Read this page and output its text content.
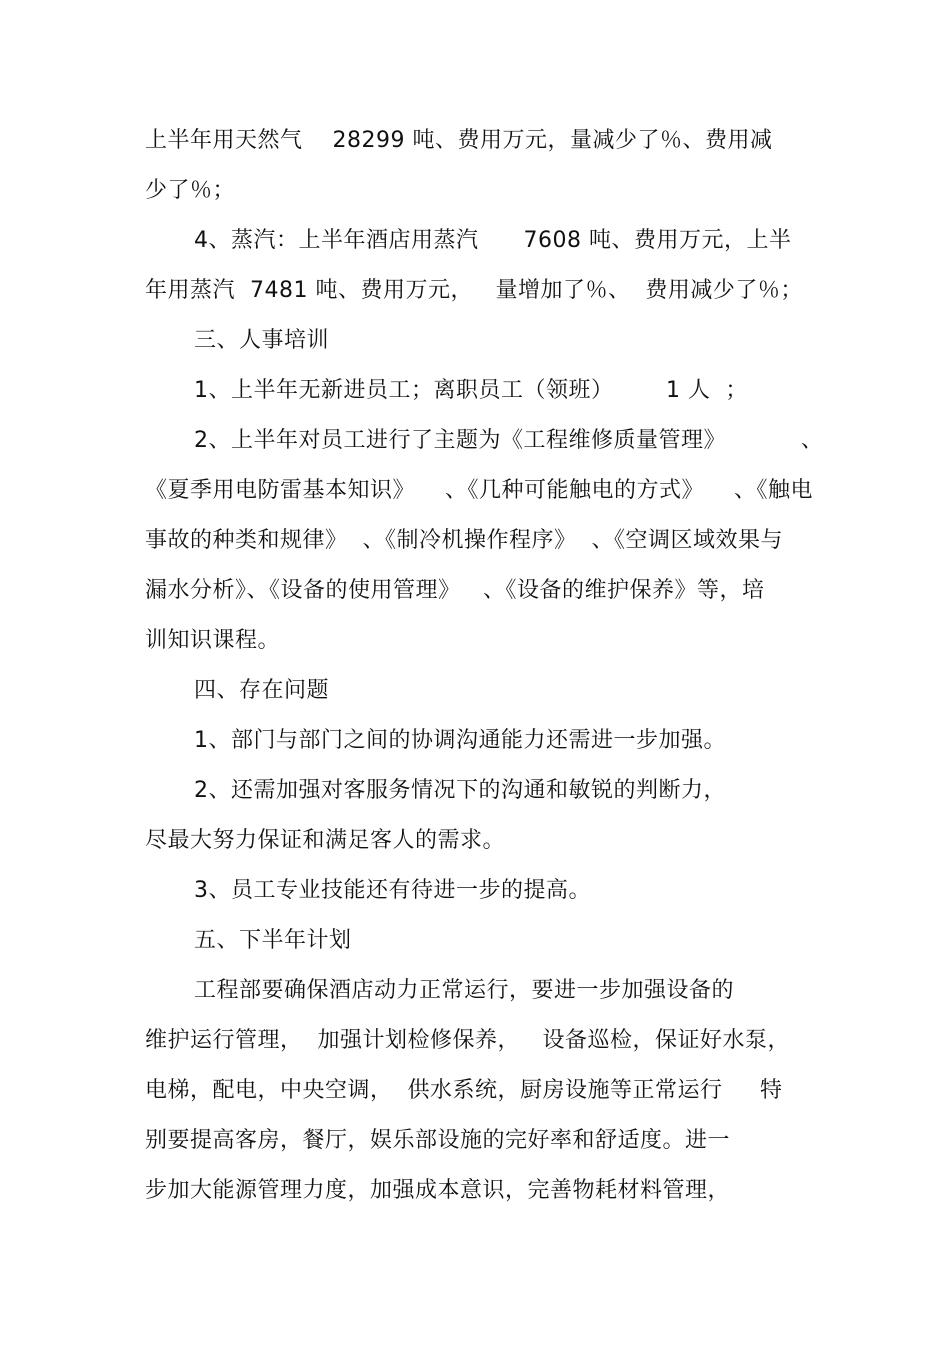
上半年用天然气    28299 吨、费用万元，量减少了％、费用减
少了％；
4、蒸汽：上半年酒店用蒸汽      7608 吨、费用万元，上半
年用蒸汽  7481 吨、费用万元，   量增加了％、  费用减少了％；
三、人事培训
1、上半年无新进员工；离职员工（领班）       1 人  ；
2、上半年对员工进行了主题为《工程维修质量管理》          、
《夏季用电防雷基本知识》    、《几种可能触电的方式》    、《触电
事故的种类和规律》  、《制冷机操作程序》  、《空调区域效果与
漏水分析》、《设备的使用管理》   、《设备的维护保养》等，培
训知识课程。
四、存在问题
1、部门与部门之间的协调沟通能力还需进一步加强。
2、还需加强对客服务情况下的沟通和敏锐的判断力，
尽最大努力保证和满足客人的需求。
3、员工专业技能还有待进一步的提高。
五、下半年计划
工程部要确保酒店动力正常运行，要进一步加强设备的
维护运行管理，  加强计划检修保养，   设备巡检，保证好水泵，
电梯，配电，中央空调，  供水系统，厨房设施等正常运行     特
别要提高客房，餐厅，娱乐部设施的完好率和舒适度。进一
步加大能源管理力度，加强成本意识，完善物耗材料管理，
